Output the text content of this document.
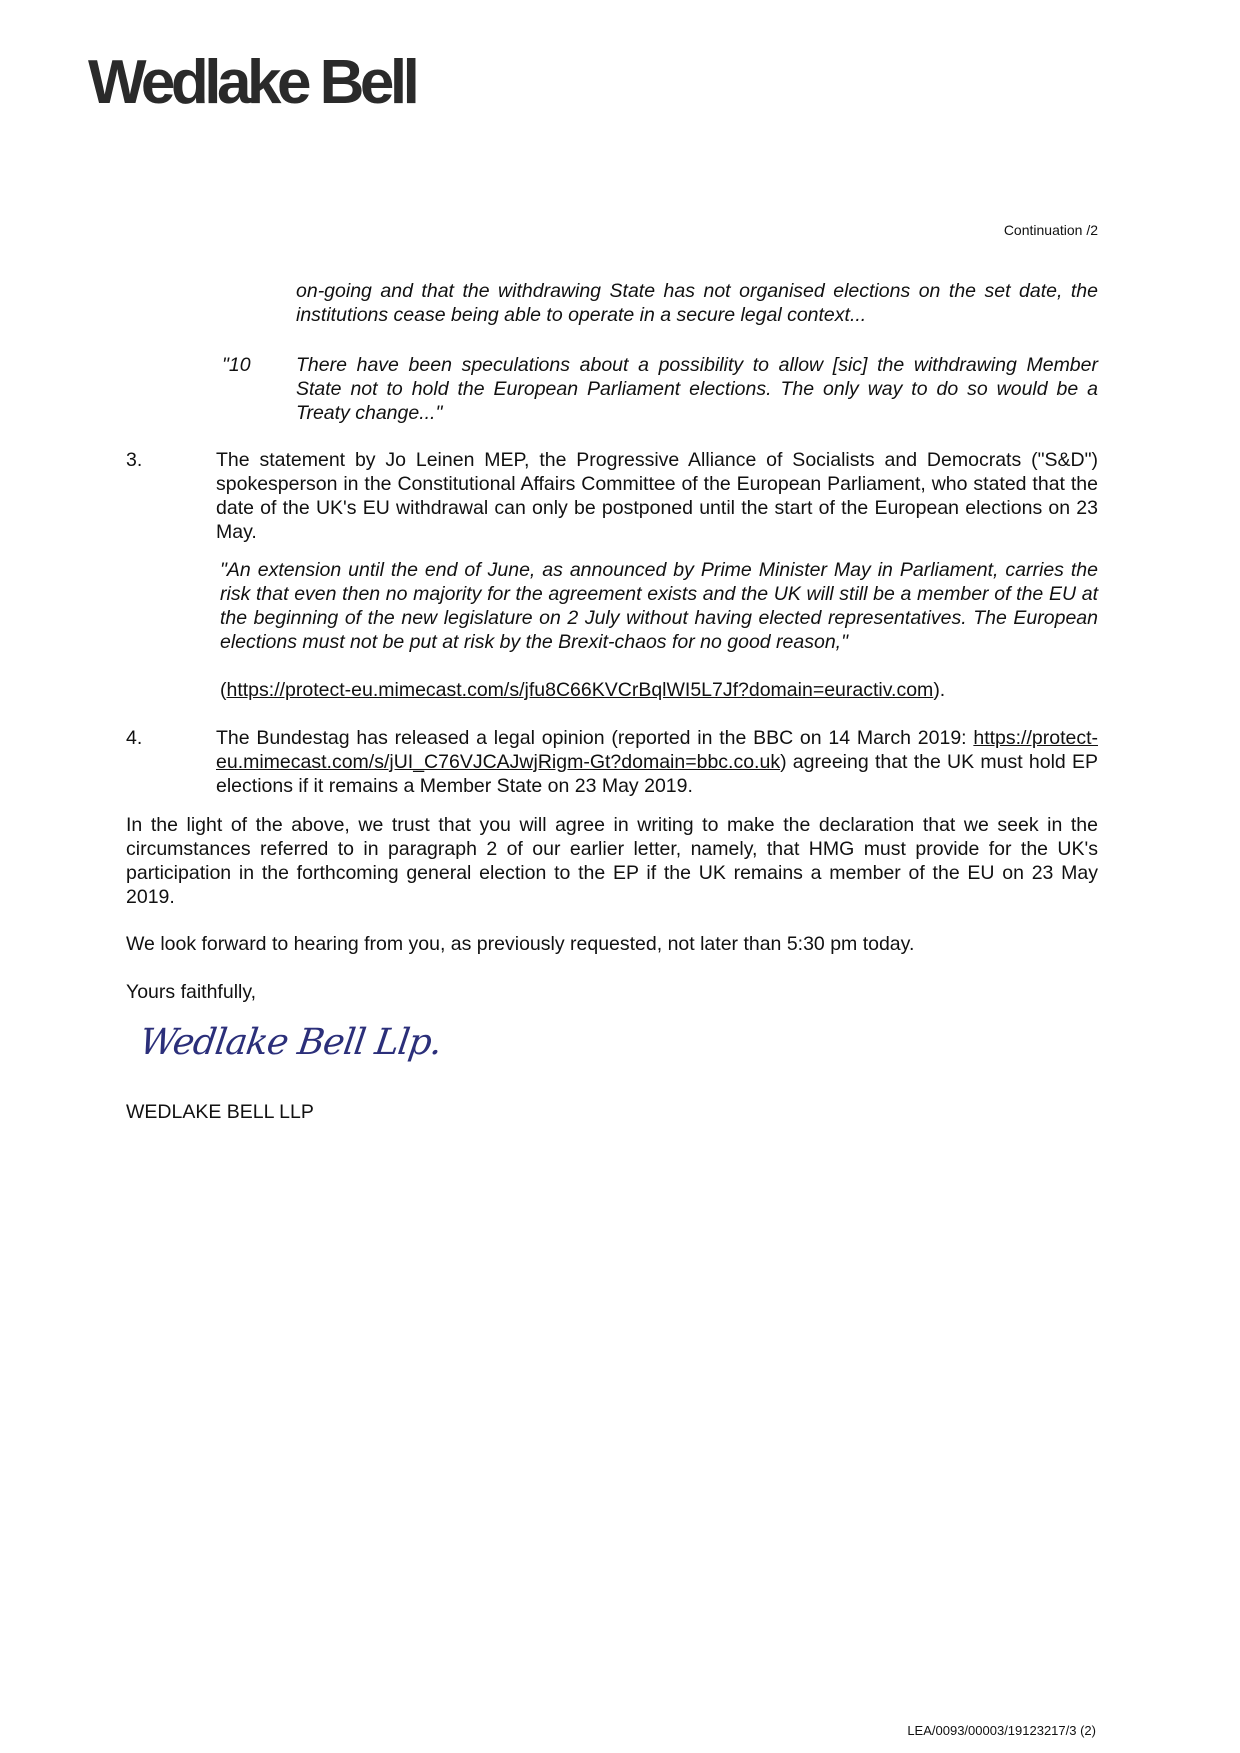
Wedlake Bell
Continuation /2
on-going and that the withdrawing State has not organised elections on the set date, the institutions cease being able to operate in a secure legal context...
"10 There have been speculations about a possibility to allow [sic] the withdrawing Member State not to hold the European Parliament elections. The only way to do so would be a Treaty change..."
3.	The statement by Jo Leinen MEP, the Progressive Alliance of Socialists and Democrats ("S&D") spokesperson in the Constitutional Affairs Committee of the European Parliament, who stated that the date of the UK's EU withdrawal can only be postponed until the start of the European elections on 23 May.
"An extension until the end of June, as announced by Prime Minister May in Parliament, carries the risk that even then no majority for the agreement exists and the UK will still be a member of the EU at the beginning of the new legislature on 2 July without having elected representatives. The European elections must not be put at risk by the Brexit-chaos for no good reason,"
(https://protect-eu.mimecast.com/s/jfu8C66KVCrBqlWI5L7Jf?domain=euractiv.com).
4.	The Bundestag has released a legal opinion (reported in the BBC on 14 March 2019: https://protect-eu.mimecast.com/s/jUI_C76VJCAJwjRigm-Gt?domain=bbc.co.uk) agreeing that the UK must hold EP elections if it remains a Member State on 23 May 2019.
In the light of the above, we trust that you will agree in writing to make the declaration that we seek in the circumstances referred to in paragraph 2 of our earlier letter, namely, that HMG must provide for the UK's participation in the forthcoming general election to the EP if the UK remains a member of the EU on 23 May 2019.
We look forward to hearing from you, as previously requested, not later than 5:30 pm today.
Yours faithfully,
Wedlake Bell Llp.
WEDLAKE BELL LLP
LEA/0093/00003/19123217/3 (2)
